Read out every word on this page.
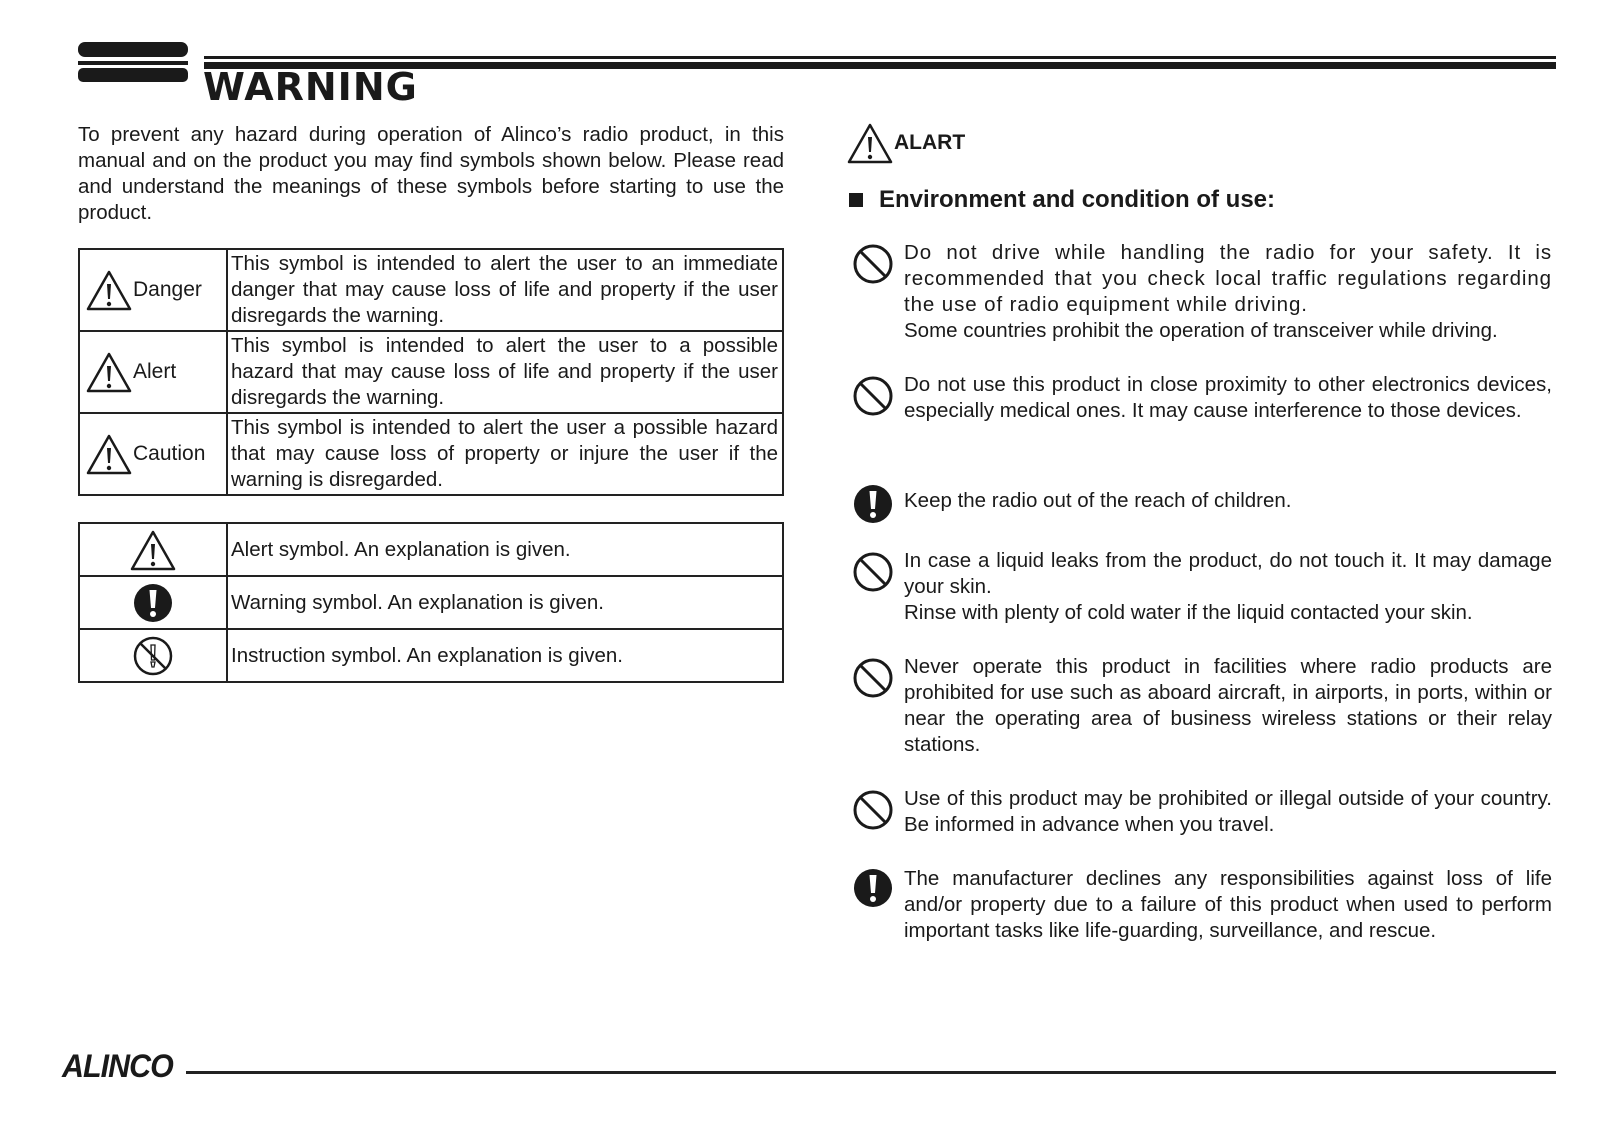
WARNING

To prevent any hazard during operation of Alinco’s radio product, in this manual and on the product you may find symbols shown below. Please read and understand the meanings of these symbols before starting to use the product.

Danger	This symbol is intended to alert the user to an immediate danger that may cause loss of life and property if the user disregards the warning.

Alert	This symbol is intended to alert the user to a possible hazard that may cause loss of life and property if the user disregards the warning.

Caution	This symbol is intended to alert the user a possible hazard that may cause loss of property or injure the user if the warning is disregarded.
	Alert symbol. An explanation is given.

	Warning symbol. An explanation is given.

	Instruction symbol. An explanation is given.
ALART
Environment and condition of use:

Do not drive while handling the radio for your safety. It is recommended that you check local traffic regulations regarding the use of radio equipment while driving.

Some countries prohibit the operation of transceiver while driving.

Do not use this product in close proximity to other electronics devices, especially medical ones. It may cause interference to those devices.

Keep the radio out of the reach of children.

In case a liquid leaks from the product, do not touch it. It may damage your skin.

Rinse with plenty of cold water if the liquid contacted your skin.

Never operate this product in facilities where radio products are prohibited for use such as aboard aircraft, in airports, in ports, within or near the operating area of business wireless stations or their relay stations.

Use of this product may be prohibited or illegal outside of your country. Be informed in advance when you travel.

The manufacturer declines any responsibilities against loss of life and/or property due to a failure of this product when used to perform important tasks like life-guarding, surveillance, and rescue.

ALINCO
